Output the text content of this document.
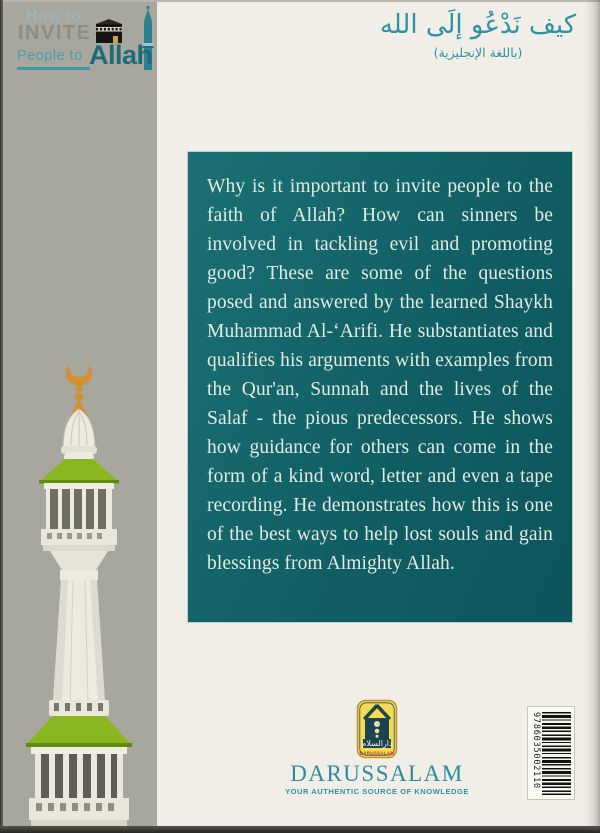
How to
INVITE
People to Allah
كيف نَدْعُو إلَى الله
(باللغة الإنجليزية)

Why is it important to invite people to the faith of Allah? How can sinners be involved in tackling evil and promoting good? These are some of the questions posed and answered by the learned Shaykh Muhammad Al-‘Arifi. He substantiates and qualifies his arguments with examples from the Qur'an, Sunnah and the lives of the Salaf - the pious predecessors. He shows how guidance for others can come in the form of a kind word, letter and even a tape recording. He demonstrates how this is one of the best ways to help lost souls and gain blessings from Almighty Allah.

دارالسلام
DARUSSALAM
DARUSSALAM
YOUR AUTHENTIC SOURCE OF KNOWLEDGE
9786035002110
